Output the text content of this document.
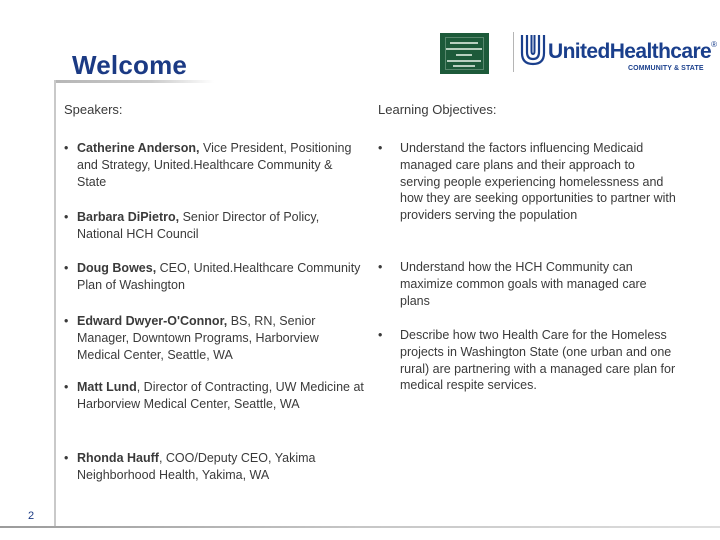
Welcome
2
UnitedHealthcare®
COMMUNITY & STATE
Speakers:
• Catherine Anderson, Vice President, Positioning and Strategy, United.Healthcare Community & State
• Barbara DiPietro, Senior Director of Policy, National HCH Council
• Doug Bowes, CEO, United.Healthcare Community Plan of Washington
• Edward Dwyer-O'Connor, BS, RN, Senior Manager, Downtown Programs, Harborview Medical Center, Seattle, WA
• Matt Lund, Director of Contracting, UW Medicine at Harborview Medical Center, Seattle, WA
• Rhonda Hauff, COO/Deputy CEO, Yakima Neighborhood Health, Yakima, WA
Learning Objectives:
• Understand the factors influencing Medicaid managed care plans and their approach to serving people experiencing homelessness and how they are seeking opportunities to partner with providers serving the population
• Understand how the HCH Community can maximize common goals with managed care plans
• Describe how two Health Care for the Homeless projects in Washington State (one urban and one rural) are partnering with a managed care plan for medical respite services.
